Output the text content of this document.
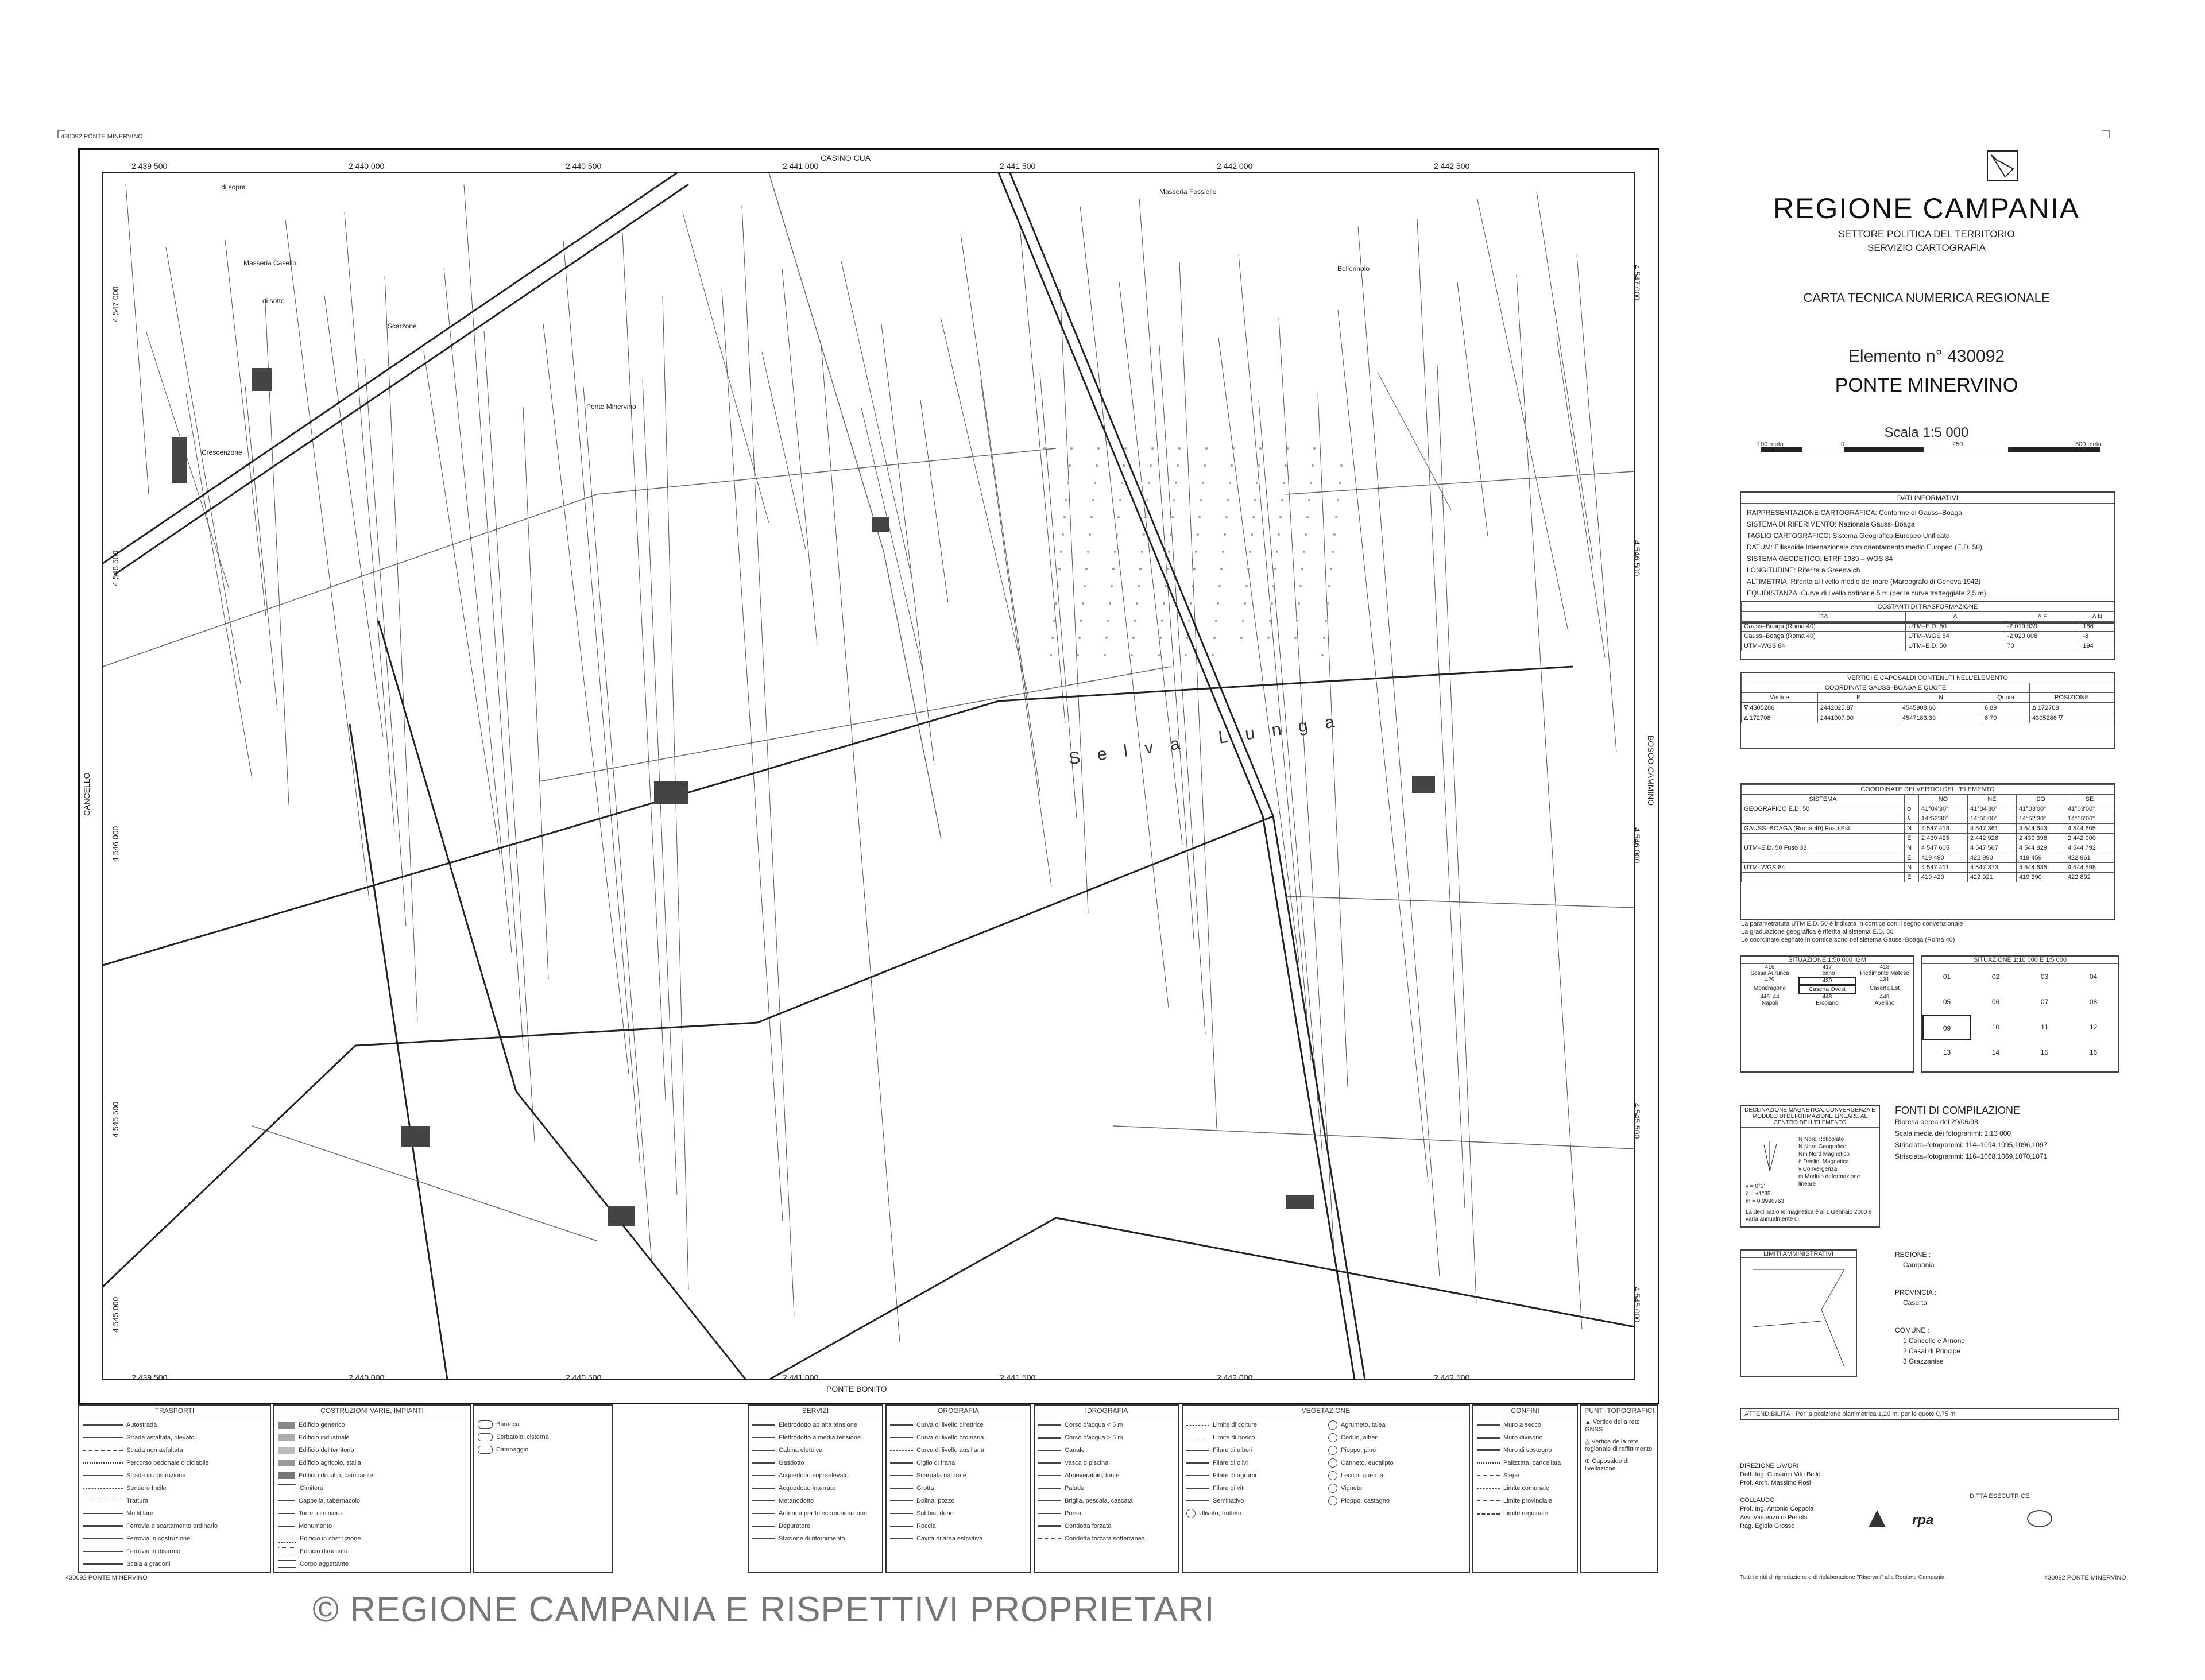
430092 PONTE MINERVINO
430092 PONTE MINERVINO	430092 PONTE MINERVINO
CASINO CUA
PONTE BONITO
CANCELLO	BOSCO CAMMINO
2 439 500	2 440 000	2 440 500	2 441 000	2 441 500	2 442 000	2 442 500
2 439 500	2 440 000	2 440 500	2 441 000	2 441 500	2 442 000	2 442 500
4 547 000
4 546 500
4 546 000
4 545 500
4 545 000
4 547 000
4 546 500
4 546 000
4 545 500
4 545 000
Masseria Casello
Scarzone
Ponte Minervino
Crescenzone
Masseria Fossiello
Bollerinolo
Selva Lunga
di sotto
di sopra
REGIONE CAMPANIA
SETTORE POLITICA DEL TERRITORIO
SERVIZIO CARTOGRAFIA
CARTA TECNICA NUMERICA REGIONALE
Elemento n° 430092
PONTE MINERVINO
Scala 1:5 000
100 metri	0	250	500 metri
DATI INFORMATIVI
RAPPRESENTAZIONE CARTOGRAFICA: Conforme di Gauss–Boaga
SISTEMA DI RIFERIMENTO: Nazionale Gauss–Boaga
TAGLIO CARTOGRAFICO: Sistema Geografico Europeo Unificato
DATUM: Ellissoide Internazionale con orientamento medio Europeo (E.D. 50)
SISTEMA GEODETICO: ETRF 1989 – WGS 84
LONGITUDINE: Riferita a Greenwich
ALTIMETRIA: Riferita al livello medio del mare (Mareografo di Genova 1942)
EQUIDISTANZA: Curve di livello ordinarie 5 m (per le curve tratteggiate 2,5 m)
COSTANTI DI TRASFORMAZIONE			
DA	A	Δ E	Δ N
Gauss–Boaga (Roma 40)	UTM–E.D. 50	-2 019 939	186
Gauss–Boaga (Roma 40)	UTM–WGS 84	-2 020 008	-8
UTM–WGS 84	UTM–E.D. 50	70	194
VERTICI E CAPOSALDI CONTENUTI NELL'ELEMENTO				
COORDINATE GAUSS–BOAGA E QUOTE				
Vertice	E	N	Quota	POSIZIONE
∇ 4305286	2442025.87	4545908.66	6.89	Δ 172708
Δ 172708	2441007.90	4547183.39	6.70	4305286 ∇
COORDINATE DEI VERTICI DELL'ELEMENTO					
SISTEMA		NO	NE	SO	SE
GEOGRAFICO E.D. 50	φ	41°04'30"	41°04'30"	41°03'00"	41°03'00"
	λ	14°52'30"	14°55'00"	14°52'30"	14°55'00"
GAUSS–BOAGA (Roma 40) Fuso Est	N	4 547 418	4 547 361	4 544 643	4 544 605
	E	2 439 425	2 442 926	2 439 398	2 442 900
UTM–E.D. 50 Fuso 33	N	4 547 605	4 547 567	4 544 829	4 544 792
	E	419 490	422 990	419 459	422 961
UTM–WGS 84	N	4 547 411	4 547 373	4 544 635	4 544 598
	E	419 420	422 921	419 390	422 892
La parametratura UTM E.D. 50 è indicata in cornice con il segno convenzionale
La graduazione geografica è riferita al sistema E.D. 50
Le coordinate segnate in cornice sono nel sistema Gauss–Boaga (Roma 40)
SITUAZIONE 1:50 000 IGM
416	417	418
Sessa Aurunca	Teano	Piedimonte Matese
429	430	431
Mondragone	Caserta Ovest	Caserta Est
446–44	448	449
Napoli	Ercolano	Avellino
SITUAZIONE 1:10 000 E 1:5 000
01	02	03	04
05	06	07	08
09	10	11	12
13	14	15	16
DECLINAZIONE MAGNETICA, CONVERGENZA E MODULO DI DEFORMAZIONE LINEARE AL CENTRO DELL'ELEMENTO
N Nord Reticolato
N Nord Geografico
Nm Nord Magnetico
δ Declin. Magnetica
γ Convergenza
m Modulo deformazione lineare
γ = 0°2'
δ = +1°35'
m = 0.9996763
La declinazione magnetica è al 1 Gennaio 2000 e varia annualmente di
FONTI DI COMPILAZIONE
Ripresa aerea del 29/06/98
Scala media dei fotogrammi: 1:13 000
Strisciata–fotogrammi: 114–1094,1095,1096,1097
Strisciata–fotogrammi: 116–1068,1069,1070,1071
LIMITI AMMINISTRATIVI	REGIONE :
Campania
PROVINCIA :
Caserta
COMUNE :
1 Cancello e Arnone
2 Casal di Principe
3 Grazzanise
ATTENDIBILITÀ : Per la posizione planimetrica 1,20 m; per le quote 0,75 m
DIREZIONE LAVORI
Dott. Ing. Giovanni Vito Bello
Prof. Arch. Massimo Rosi
COLLAUDO
Prof. Ing. Antonio Coppola
Avv. Vincenzo di Penola
Rag. Egidio Grosso
DITTA ESECUTRICE
rpa
Tutti i diritti di riproduzione e di rielaborazione "Riservati" alla Regione Campania
TRASPORTI
Autostrada
Strada asfaltata, rilevato
Strada non asfaltata
Percorso pedonale o ciclabile
Strada in costruzione
Sentiero Incile
Trattura
Multifilare
Ferrovia a scartamento ordinario
Ferrovia in costruzione
Ferrovia in disarmo
Scala a gradoni
COSTRUZIONI VARIE, IMPIANTI
Edificio generico
Edificio industriale
Edificio del territorio
Edificio agricolo, stalla
Edificio di culto, campanile
Cimitero
Cappella, tabernacolo
Torre, ciminiera
Monumento
Edificio in costruzione
Edificio diroccato
Corpo aggettante

Baracca
Serbatoio, cisterna
Campaggio
SERVIZI
Elettrodotto ad alta tensione
Elettrodotto a media tensione
Cabina elettrica
Gasdotto
Acquedotto sopraelevato
Acquedotto interrato
Metanodotto
Antenna per telecomunicazione
Depuratore
Stazione di rifornimento
OROGRAFIA
Curva di livello direttrice
Curva di livello ordinaria
Curva di livello ausiliaria
Ciglio di frana
Scarpata naturale
Grotta
Dolina, pozzo
Sabbia, dune
Roccia
Cavità di area estrattiva
IDROGRAFIA
Corso d'acqua < 5 m
Corso d'acqua > 5 m
Canale
Vasca o piscina
Abbeveratoio, fonte
Palude
Briglia, pescaia, cascata
Presa
Condotta forzata
Condotta forzata sotterranea
VEGETAZIONE
Limite di colture
Limite di bosco
Filare di alberi
Filare di olivi
Filare di agrumi
Filare di viti
Seminativo
Uliveto, frutteto
Agrumeto, talea
Ceduo, alberi
Pioppo, pino
Canneto, eucalipto
Leccio, quercia
Vigneto
Pioppo, castagno
CONFINI
Muro a secco
Muro divisorio
Muro di sostegno
Palizzata, cancellata
Siepe
Limite comunale
Limite provinciale
Limite regionale
PUNTI TOPOGRAFICI
▲ Vertice della rete GNSS
△ Vertice della rete regionale di raffittimento
⊕ Caposaldo di livellazione
© REGIONE CAMPANIA E RISPETTIVI PROPRIETARI
